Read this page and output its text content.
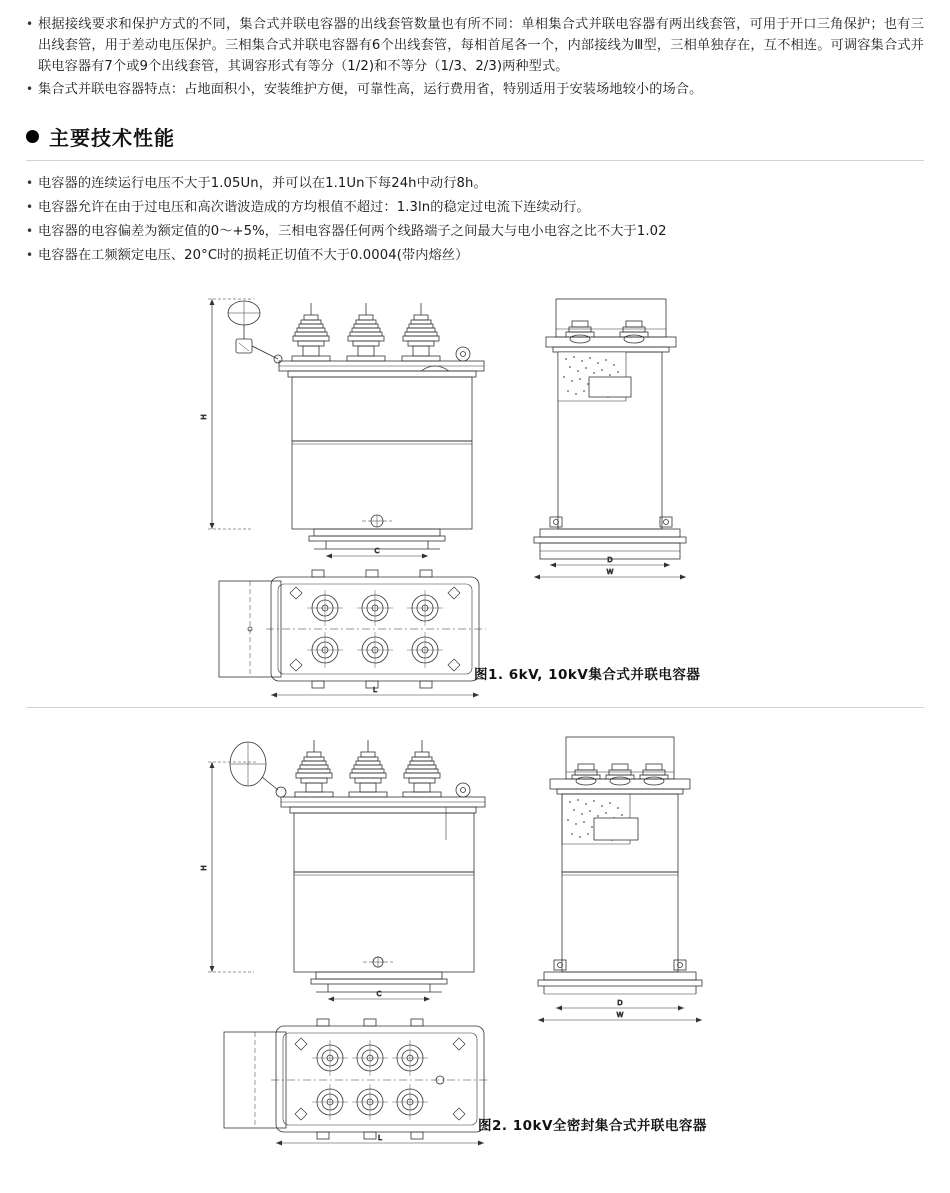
• 根据接线要求和保护方式的不同，集合式并联电容器的出线套管数量也有所不同：单相集合式并联电容器有两出线套管，可用于开口三角保护；也有三出线套管，用于差动电压保护。三相集合式并联电容器有6个出线套管，每相首尾各一个，内部接线为Ⅲ型，三相单独存在，互不相连。可调容集合式并联电容器有7个或9个出线套管，其调容形式有等分（1/2)和不等分（1/3、2/3)两种型式。
• 集合式并联电容器特点：占地面积小，安装维护方便，可靠性高，运行费用省，特别适用于安装场地较小的场合。
主要技术性能
• 电容器的连续运行电压不大于1.05Un，并可以在1.1Un下每24h中动行8h。
• 电容器允许在由于过电压和高次谐波造成的方均根值不超过：1.3ln的稳定过电流下连续动行。
• 电容器的电容偏差为额定值的0～+5%，三相电容器任何两个线路端子之间最大与电小电容之比不大于1.02
• 电容器在工频额定电压、20°C时的损耗正切值不大于0.0004(带内熔丝）
H
C
D
W
L
图1. 6kV, 10kV集合式并联电容器
H
C
D
W
L
图2. 10kV全密封集合式并联电容器
